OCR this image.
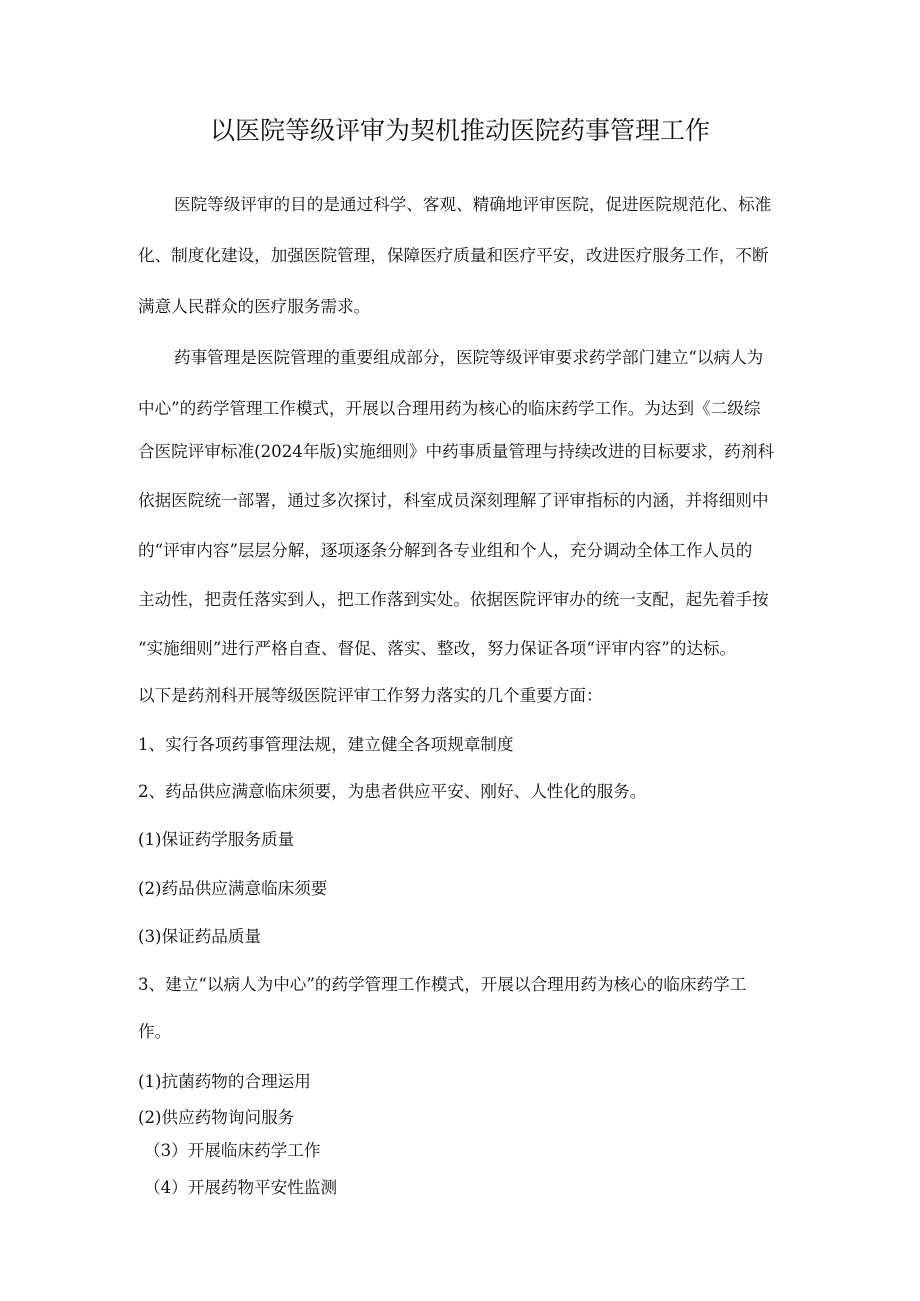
以医院等级评审为契机推动医院药事管理工作
医院等级评审的目的是通过科学、客观、精确地评审医院，促进医院规范化、标准
化、制度化建设，加强医院管理，保障医疗质量和医疗平安，改进医疗服务工作，不断
满意人民群众的医疗服务需求。
药事管理是医院管理的重要组成部分，医院等级评审要求药学部门建立“以病人为
中心”的药学管理工作模式，开展以合理用药为核心的临床药学工作。为达到《二级综
合医院评审标准(2024年版)实施细则》中药事质量管理与持续改进的目标要求，药剂科
依据医院统一部署，通过多次探讨，科室成员深刻理解了评审指标的内涵，并将细则中
的“评审内容”层层分解，逐项逐条分解到各专业组和个人，充分调动全体工作人员的
主动性，把责任落实到人，把工作落到实处。依据医院评审办的统一支配，起先着手按
“实施细则”进行严格自查、督促、落实、整改，努力保证各项“评审内容”的达标。
以下是药剂科开展等级医院评审工作努力落实的几个重要方面：
1、实行各项药事管理法规，建立健全各项规章制度
2、药品供应满意临床须要，为患者供应平安、刚好、人性化的服务。
(1)保证药学服务质量
(2)药品供应满意临床须要
(3)保证药品质量
3、建立“以病人为中心”的药学管理工作模式，开展以合理用药为核心的临床药学工
作。
(1)抗菌药物的合理运用
(2)供应药物询问服务
（3）开展临床药学工作
（4）开展药物平安性监测
